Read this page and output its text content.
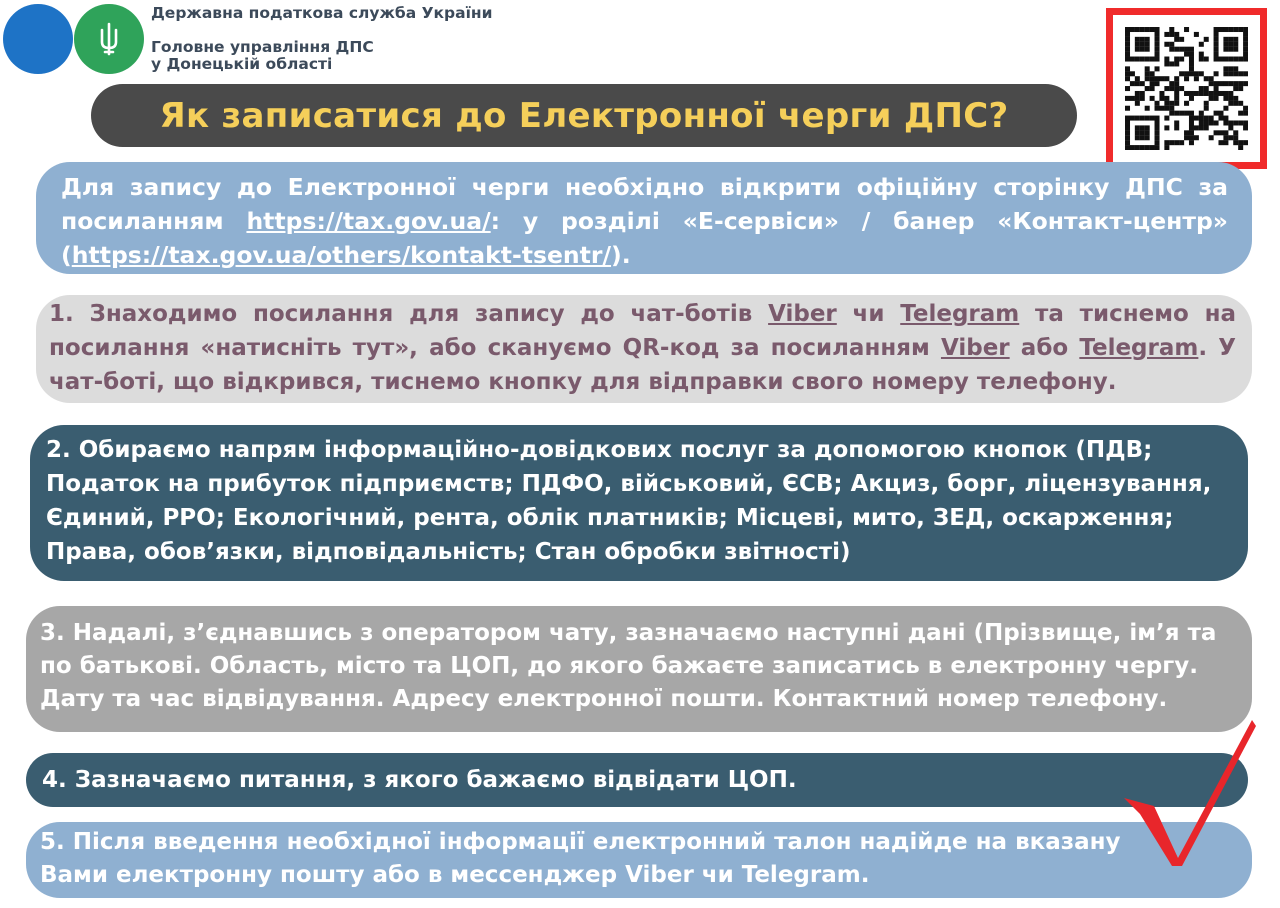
Державна податкова служба України
Головне управління ДПС
у Донецькій області
Як записатися до Електронної черги ДПС?

Для запису до Електронної черги необхідно відкрити офіційну сторінку ДПС за посиланням https://tax.gov.ua/: у розділі «Е-сервіси» / банер «Контакт-центр» (https://tax.gov.ua/others/kontakt-tsentr/).

1. Знаходимо посилання для запису до чат-ботів Viber чи Telegram та тиснемо на посилання «натисніть тут», або скануємо QR-код за посиланням Viber або Telegram. У чат-боті, що відкрився, тиснемо кнопку для відправки свого номеру телефону.

2. Обираємо напрям інформаційно-довідкових послуг за допомогою кнопок (ПДВ; Податок на прибуток підприємств; ПДФО, військовий, ЄСВ; Акциз, борг, ліцензування, Єдиний, РРО; Екологічний, рента, облік платників; Місцеві, мито, ЗЕД, оскарження; Права, обов’язки, відповідальність; Стан обробки звітності)

3. Надалі, з’єднавшись з оператором чату, зазначаємо наступні дані (Прізвище, ім’я та

по батькові. Область, місто та ЦОП, до якого бажаєте записатись в електронну чергу.

Дату та час відвідування. Адресу електронної пошти. Контактний номер телефону.

4. Зазначаємо питання, з якого бажаємо відвідати ЦОП.

5. Після введення необхідної інформації електронний талон надійде на вказану

Вами електронну пошту або в мессенджер Viber чи Telegram.
